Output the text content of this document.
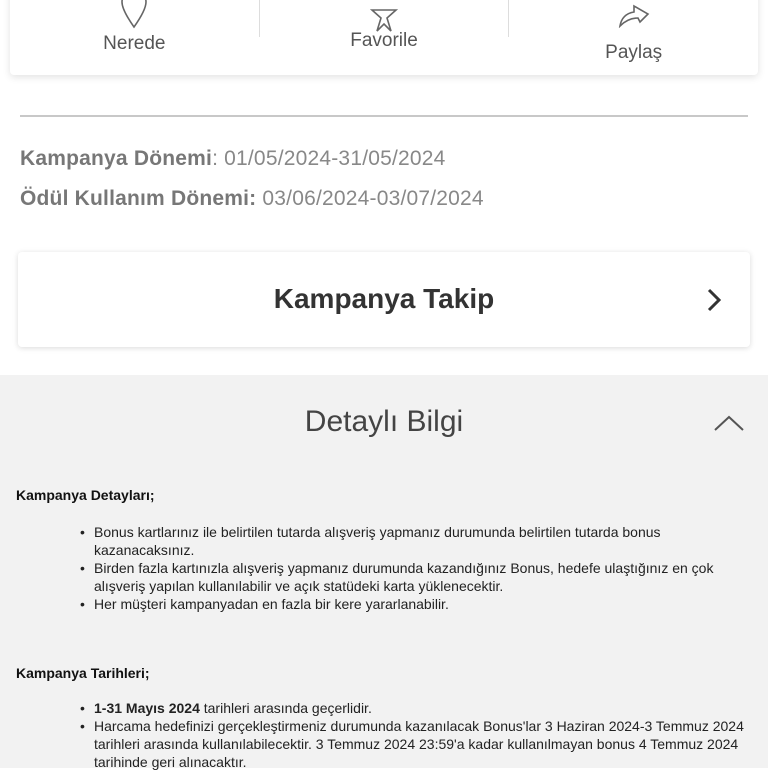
Nerede	Favorile
Paylaş
Kampanya Dönemi: 01/05/2024-31/05/2024
Ödül Kullanım Dönemi: 03/06/2024-03/07/2024
Kampanya Takip
Detaylı Bilgi
Kampanya Detayları;
• Bonus kartlarınız ile belirtilen tutarda alışveriş yapmanız durumunda belirtilen tutarda bonus kazanacaksınız.
• Birden fazla kartınızla alışveriş yapmanız durumunda kazandığınız Bonus, hedefe ulaştığınız en çok alışveriş yapılan kullanılabilir ve açık statüdeki karta yüklenecektir.
• Her müşteri kampanyadan en fazla bir kere yararlanabilir.
Kampanya Tarihleri;
• 1-31 Mayıs 2024 tarihleri arasında geçerlidir.
• Harcama hedefinizi gerçekleştirmeniz durumunda kazanılacak Bonus'lar 3 Haziran 2024-3 Temmuz 2024 tarihleri arasında kullanılabilecektir. 3 Temmuz 2024 23:59'a kadar kullanılmayan bonus 4 Temmuz 2024 tarihinde geri alınacaktır.
